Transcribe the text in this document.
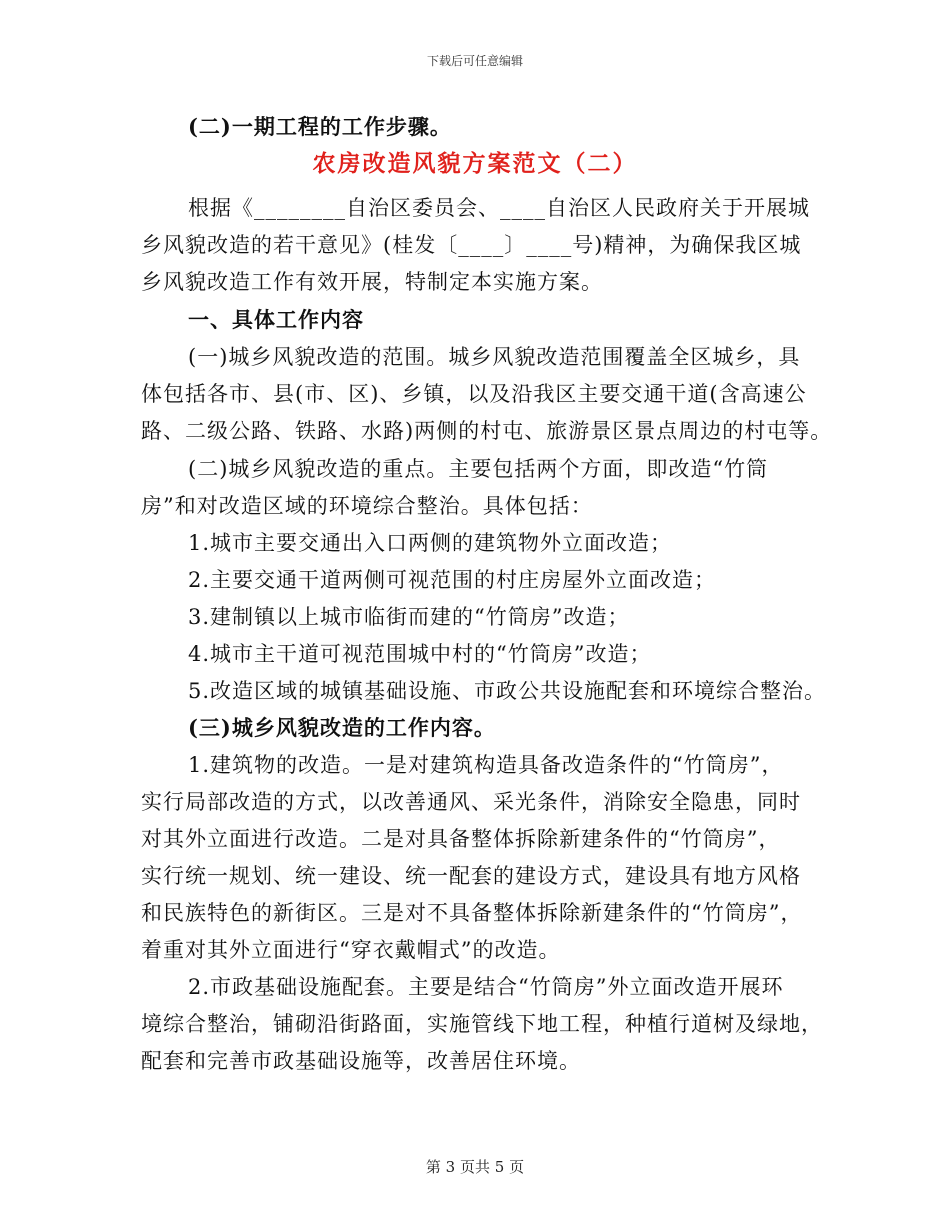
下载后可任意编辑
(二)一期工程的工作步骤。
农房改造风貌方案范文（二）
根据《________自治区委员会、____自治区人民政府关于开展城
乡风貌改造的若干意见》(桂发〔____〕____号)精神，为确保我区城
乡风貌改造工作有效开展，特制定本实施方案。
一、具体工作内容
(一)城乡风貌改造的范围。城乡风貌改造范围覆盖全区城乡，具
体包括各市、县(市、区)、乡镇，以及沿我区主要交通干道(含高速公
路、二级公路、铁路、水路)两侧的村屯、旅游景区景点周边的村屯等。
(二)城乡风貌改造的重点。主要包括两个方面，即改造“竹筒
房”和对改造区域的环境综合整治。具体包括：
1.城市主要交通出入口两侧的建筑物外立面改造；
2.主要交通干道两侧可视范围的村庄房屋外立面改造；
3.建制镇以上城市临街而建的“竹筒房”改造；
4.城市主干道可视范围城中村的“竹筒房”改造；
5.改造区域的城镇基础设施、市政公共设施配套和环境综合整治。
(三)城乡风貌改造的工作内容。
1.建筑物的改造。一是对建筑构造具备改造条件的“竹筒房”，
实行局部改造的方式，以改善通风、采光条件，消除安全隐患，同时
对其外立面进行改造。二是对具备整体拆除新建条件的“竹筒房”，
实行统一规划、统一建设、统一配套的建设方式，建设具有地方风格
和民族特色的新街区。三是对不具备整体拆除新建条件的“竹筒房”，
着重对其外立面进行“穿衣戴帽式”的改造。
2.市政基础设施配套。主要是结合“竹筒房”外立面改造开展环
境综合整治，铺砌沿街路面，实施管线下地工程，种植行道树及绿地，
配套和完善市政基础设施等，改善居住环境。
第 3 页共 5 页
